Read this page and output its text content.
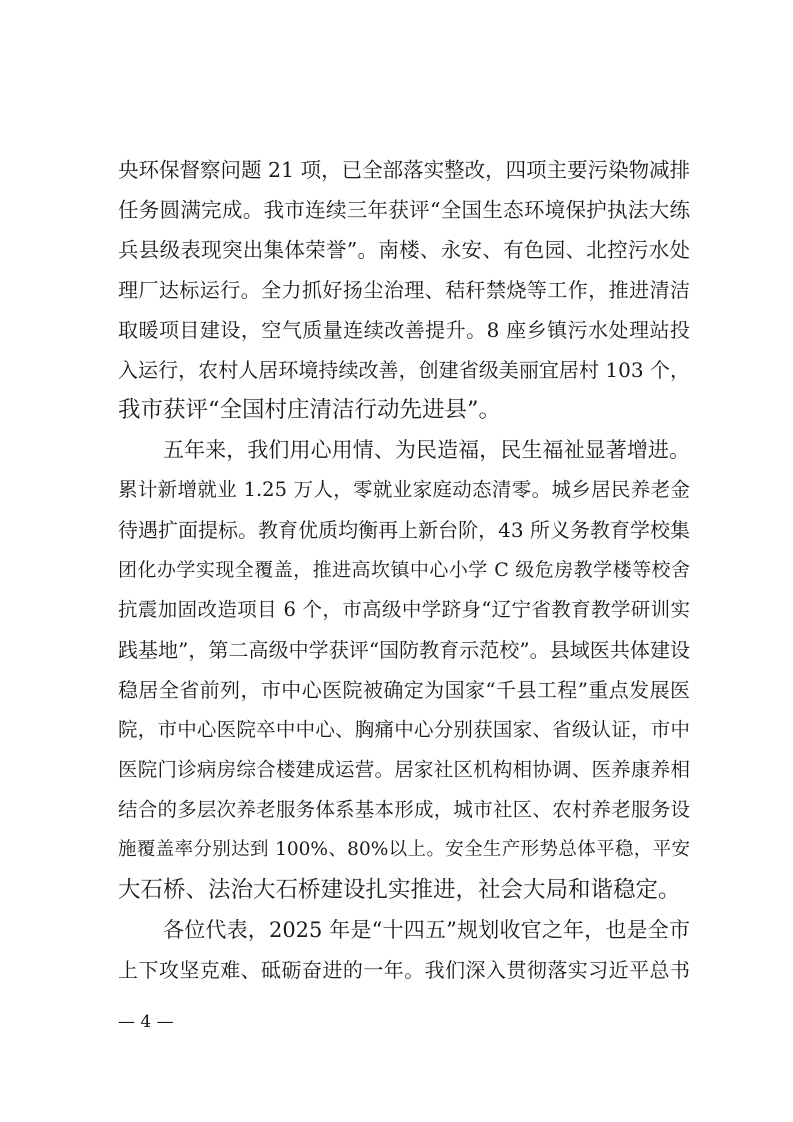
央环保督察问题 21 项，已全部落实整改，四项主要污染物减排
任务圆满完成。我市连续三年获评“全国生态环境保护执法大练
兵县级表现突出集体荣誉”。南楼、永安、有色园、北控污水处
理厂达标运行。全力抓好扬尘治理、秸秆禁烧等工作，推进清洁
取暖项目建设，空气质量连续改善提升。8 座乡镇污水处理站投
入运行，农村人居环境持续改善，创建省级美丽宜居村 103 个，
我市获评“全国村庄清洁行动先进县”。
五年来，我们用心用情、为民造福，民生福祉显著增进。
累计新增就业 1.25 万人，零就业家庭动态清零。城乡居民养老金
待遇扩面提标。教育优质均衡再上新台阶，43 所义务教育学校集
团化办学实现全覆盖，推进高坎镇中心小学 C 级危房教学楼等校舍
抗震加固改造项目 6 个，市高级中学跻身“辽宁省教育教学研训实
践基地”，第二高级中学获评“国防教育示范校”。县域医共体建设
稳居全省前列，市中心医院被确定为国家“千县工程”重点发展医
院，市中心医院卒中中心、胸痛中心分别获国家、省级认证，市中
医院门诊病房综合楼建成运营。居家社区机构相协调、医养康养相
结合的多层次养老服务体系基本形成，城市社区、农村养老服务设
施覆盖率分别达到 100%、80%以上。安全生产形势总体平稳，平安
大石桥、法治大石桥建设扎实推进，社会大局和谐稳定。
各位代表，2025 年是“十四五”规划收官之年，也是全市
上下攻坚克难、砥砺奋进的一年。我们深入贯彻落实习近平总书
— 4 —
